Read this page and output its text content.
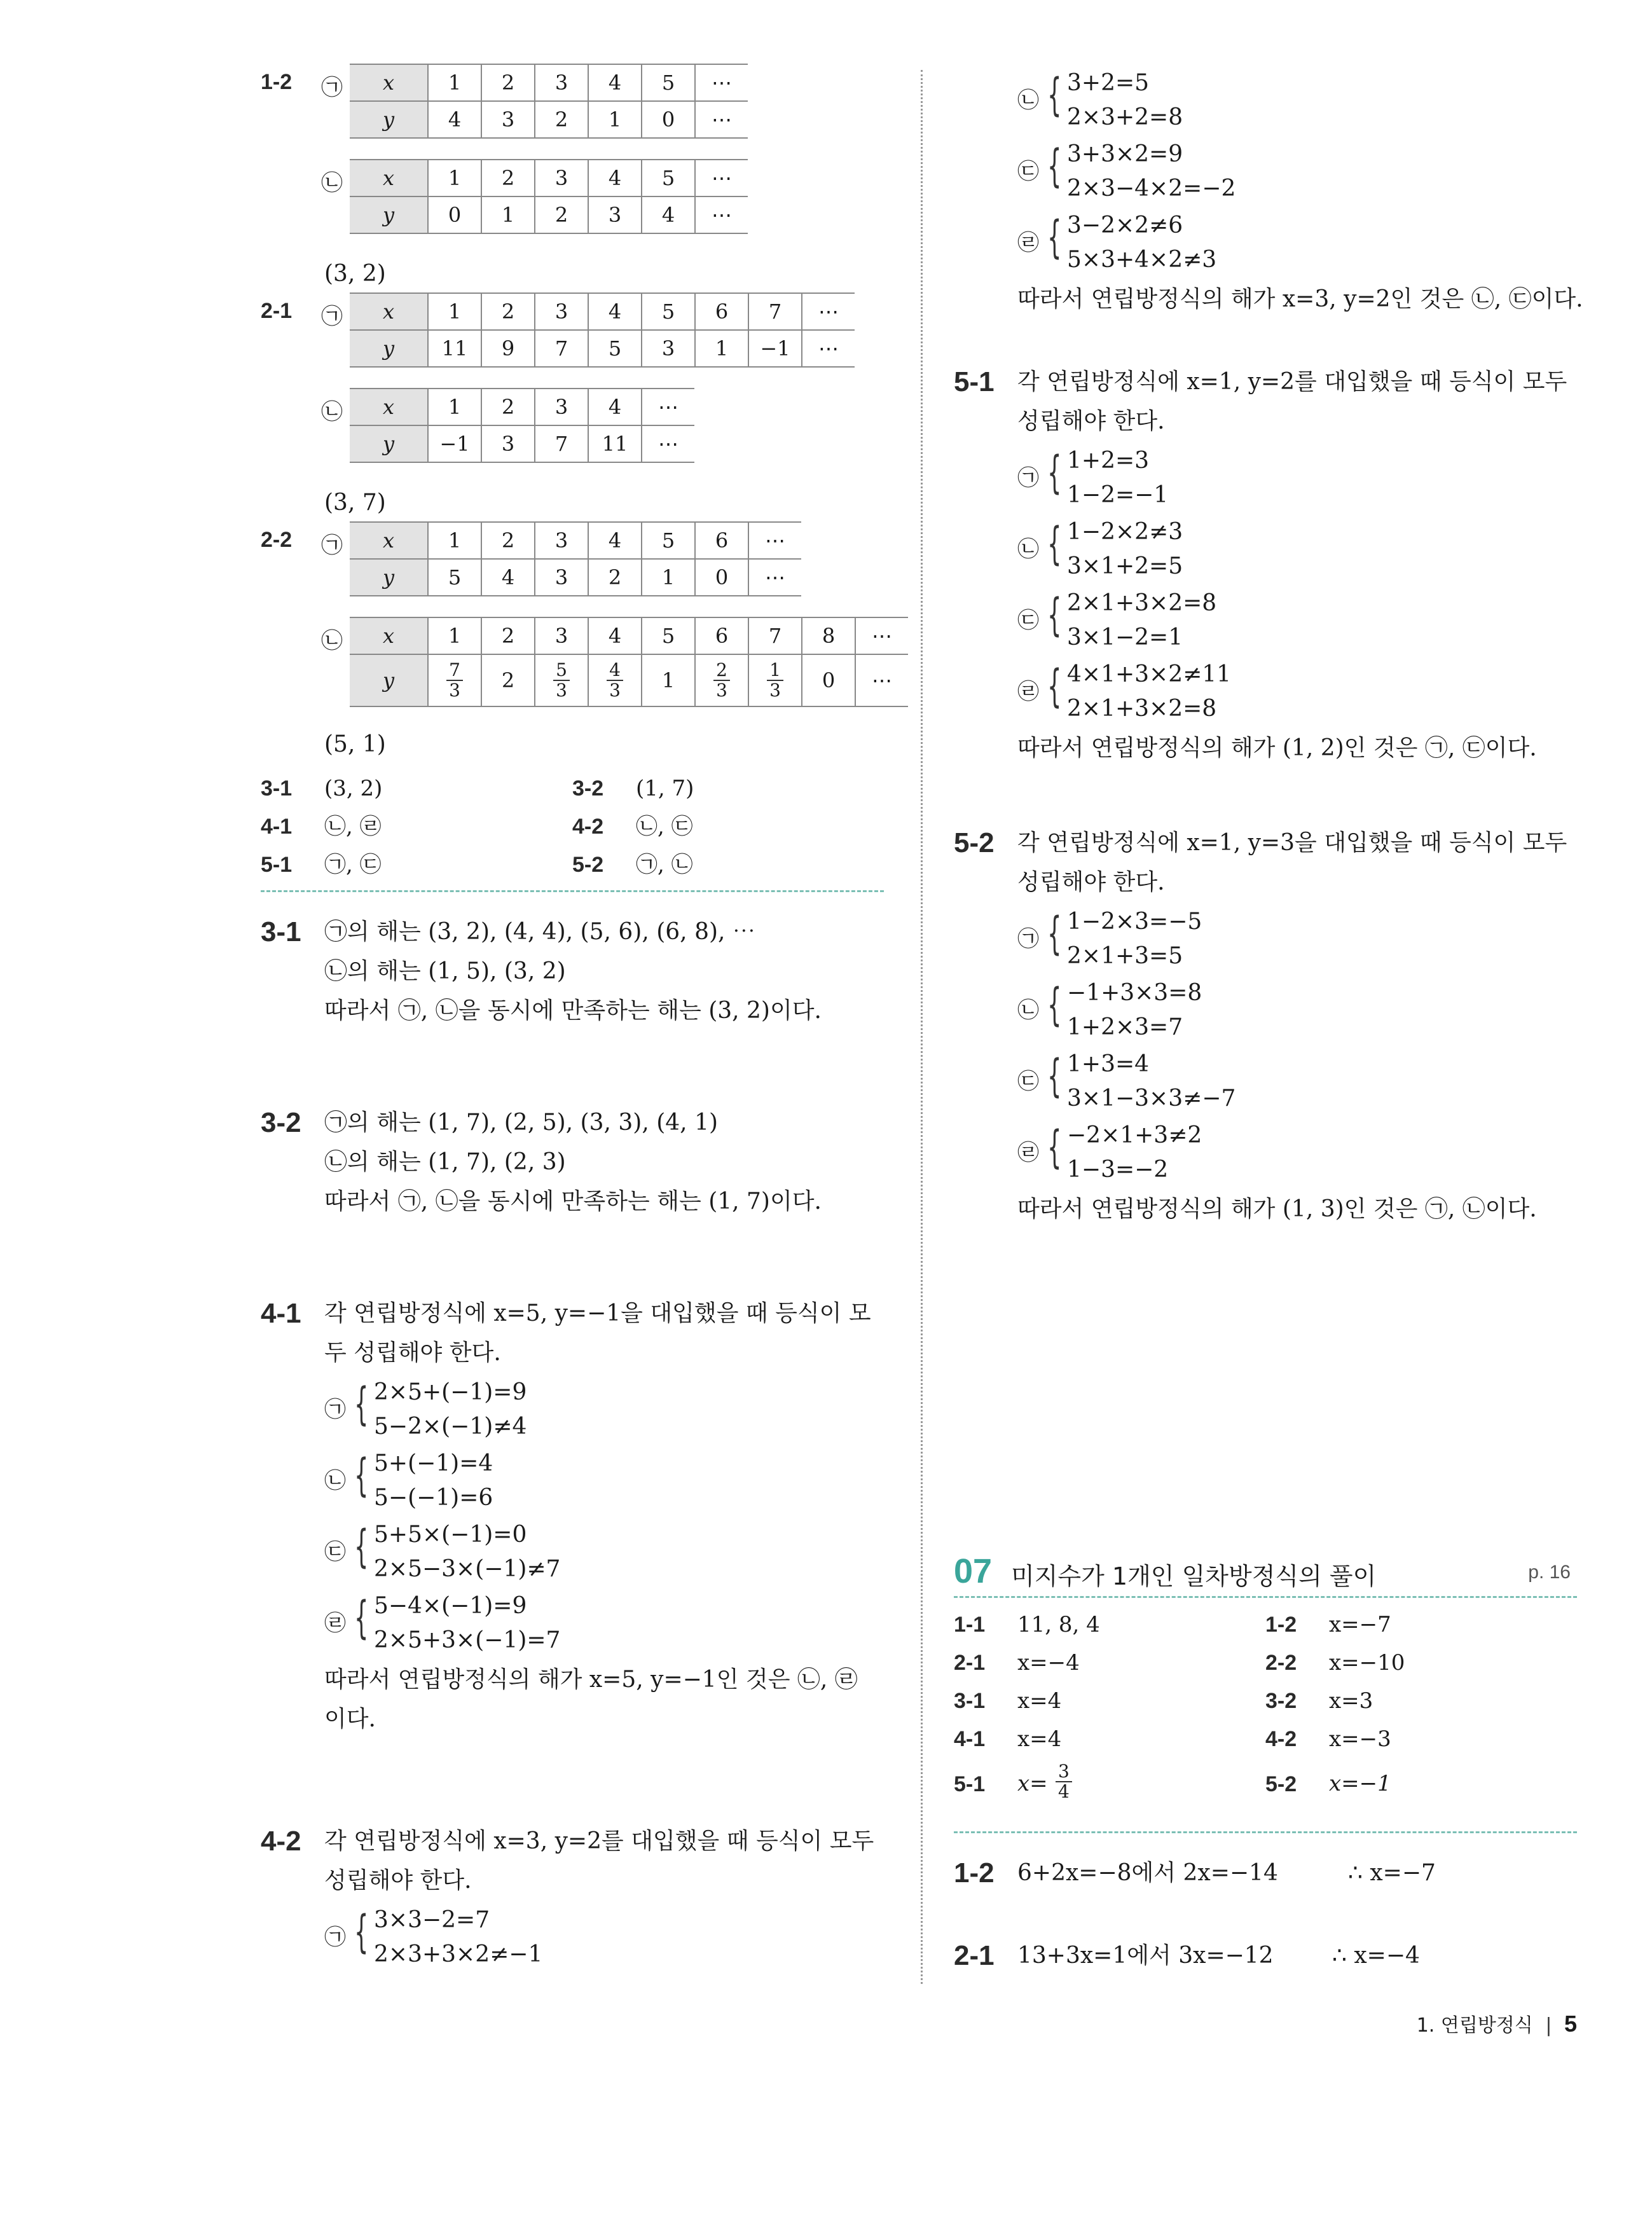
1-2 ㉠ x	1	2	3	4	5	⋯
y	4	3	2	1	0	⋯
㉡ x	1	2	3	4	5	⋯
y	0	1	2	3	4	⋯
2-1 ㉠ x	1	2	3	4	5	6	7	⋯
y	11	9	7	5	3	1	−1	⋯
㉡ x	1	2	3	4	⋯
y	−1	3	7	11	⋯
2-2 ㉠ x	1	2	3	4	5	6	⋯
y	5	4	3	2	1	0	⋯
㉡ x	1	2	3	4	5	6	7	8	⋯
y	$\frac{7}{3}$	2	$\frac{5}{3}$	$\frac{4}{3}$	1	$\frac{2}{3}$	$\frac{1}{3}$	0	⋯
(3, 2)
(3, 7)
(5, 1)
3-1 (3, 2)	3-2 (1, 7)
4-1 ㉡, ㉣	4-2 ㉡, ㉢
5-1 ㉠, ㉢	5-2 ㉠, ㉡
3-1 ㉠의 해는 (3, 2), (4, 4), (5, 6), (6, 8), ⋯
㉡의 해는 (1, 5), (3, 2)
따라서 ㉠, ㉡을 동시에 만족하는 해는 (3, 2)이다.
3-2 ㉠의 해는 (1, 7), (2, 5), (3, 3), (4, 1)
㉡의 해는 (1, 7), (2, 3)
따라서 ㉠, ㉡을 동시에 만족하는 해는 (1, 7)이다.
4-1 각 연립방정식에 x=5, y=−1을 대입했을 때 등식이 모
두 성립해야 한다.
㉠ { 2×5+(−1)=9
5−2×(−1)≠4
㉡ { 5+(−1)=4
5−(−1)=6
㉢ { 5+5×(−1)=0
2×5−3×(−1)≠7
㉣ { 5−4×(−1)=9
2×5+3×(−1)=7
따라서 연립방정식의 해가 x=5, y=−1인 것은 ㉡, ㉣
이다.
4-2 각 연립방정식에 x=3, y=2를 대입했을 때 등식이 모두
성립해야 한다.
㉠ { 3×3−2=7
2×3+3×2≠−1
㉡ { 3+2=5
2×3+2=8
㉢ { 3+3×2=9
2×3−4×2=−2
㉣ { 3−2×2≠6
5×3+4×2≠3
따라서 연립방정식의 해가 x=3, y=2인 것은 ㉡, ㉢이다.
5-1 각 연립방정식에 x=1, y=2를 대입했을 때 등식이 모두
성립해야 한다.
㉠ { 1+2=3
1−2=−1
㉡ { 1−2×2≠3
3×1+2=5
㉢ { 2×1+3×2=8
3×1−2=1
㉣ { 4×1+3×2≠11
2×1+3×2=8
따라서 연립방정식의 해가 (1, 2)인 것은 ㉠, ㉢이다.
5-2 각 연립방정식에 x=1, y=3을 대입했을 때 등식이 모두
성립해야 한다.
㉠ { 1−2×3=−5
2×1+3=5
㉡ { −1+3×3=8
1+2×3=7
㉢ { 1+3=4
3×1−3×3≠−7
㉣ { −2×1+3≠2
1−3=−2
따라서 연립방정식의 해가 (1, 3)인 것은 ㉠, ㉡이다.
07 미지수가 1개인 일차방정식의 풀이	p. 16
1-1 11, 8, 4	1-2 x=−7
2-1 x=−4	2-2 x=−10
3-1 x=4	3-2 x=3
4-1 x=4	4-2 x=−3
5-1 $x= \frac{3}{4}$	5-2 x=−1
1-2 6+2x=−8에서 2x=−14	∴ x=−7
2-1 13+3x=1에서 3x=−12	∴ x=−4
1. 연립방정식 | 5
